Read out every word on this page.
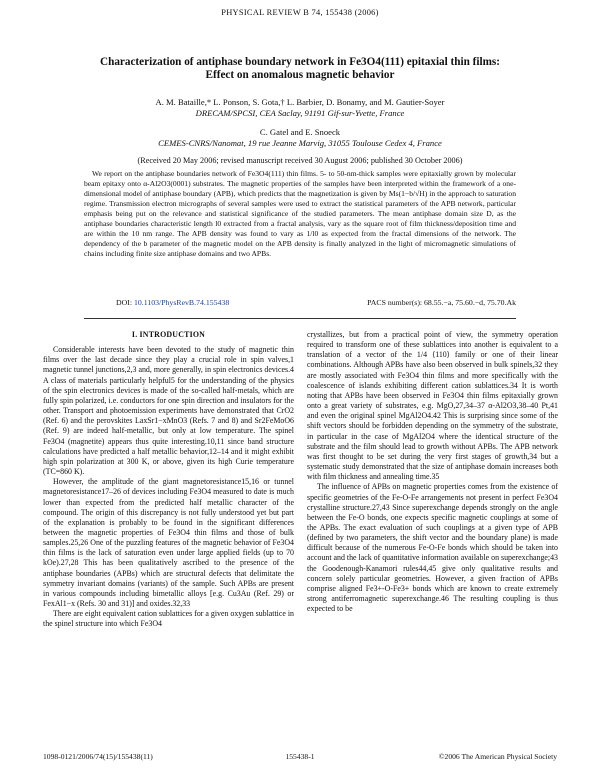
PHYSICAL REVIEW B 74, 155438 (2006)
Characterization of antiphase boundary network in Fe3O4(111) epitaxial thin films:
Effect on anomalous magnetic behavior
A. M. Bataille,* L. Ponson, S. Gota,† L. Barbier, D. Bonamy, and M. Gautier-Soyer
DRECAM/SPCSI, CEA Saclay, 91191 Gif-sur-Yvette, France
C. Gatel and E. Snoeck
CEMES-CNRS/Nanomat, 19 rue Jeanne Marvig, 31055 Toulouse Cedex 4, France
(Received 20 May 2006; revised manuscript received 30 August 2006; published 30 October 2006)

We report on the antiphase boundaries network of Fe3O4(111) thin films. 5- to 50-nm-thick samples were epitaxially grown by molecular beam epitaxy onto α-Al2O3(0001) substrates. The magnetic properties of the samples have been interpreted within the framework of a one-dimensional model of antiphase boundary (APB), which predicts that the magnetization is given by Ms(1−b/√H) in the approach to saturation regime. Transmission electron micrographs of several samples were used to extract the statistical parameters of the APB network, particular emphasis being put on the relevance and statistical significance of the studied parameters. The mean antiphase domain size D, as the antiphase boundaries characteristic length l0 extracted from a fractal analysis, vary as the square root of film thickness/deposition time and are within the 10 nm range. The APB density was found to vary as 1/l0 as expected from the fractal dimensions of the network. The dependency of the b parameter of the magnetic model on the APB density is finally analyzed in the light of micromagnetic simulations of chains including finite size antiphase domains and two APBs.

DOI: 10.1103/PhysRevB.74.155438	PACS number(s): 68.55.−a, 75.60.−d, 75.70.Ak
I. INTRODUCTION

Considerable interests have been devoted to the study of magnetic thin films over the last decade since they play a crucial role in spin valves,1 magnetic tunnel junctions,2,3 and, more generally, in spin electronics devices.4 A class of materials particularly helpful5 for the understanding of the physics of the spin electronics devices is made of the so-called half-metals, which are fully spin polarized, i.e. conductors for one spin direction and insulators for the other. Transport and photoemission experiments have demonstrated that CrO2 (Ref. 6) and the perovskites LaxSr1−xMnO3 (Refs. 7 and 8) and Sr2FeMoO6 (Ref. 9) are indeed half-metallic, but only at low temperature. The spinel Fe3O4 (magnetite) appears thus quite interesting.10,11 since band structure calculations have predicted a half metallic behavior,12–14 and it might exhibit high spin polarization at 300 K, or above, given its high Curie temperature (TC=860 K).

However, the amplitude of the giant magnetoresistance15,16 or tunnel magnetoresistance17–26 of devices including Fe3O4 measured to date is much lower than expected from the predicted half metallic character of the compound. The origin of this discrepancy is not fully understood yet but part of the explanation is probably to be found in the significant differences between the magnetic properties of Fe3O4 thin films and those of bulk samples.25,26 One of the puzzling features of the magnetic behavior of Fe3O4 thin films is the lack of saturation even under large applied fields (up to 70 kOe).27,28 This has been qualitatively ascribed to the presence of the antiphase boundaries (APBs) which are structural defects that delimitate the symmetry invariant domains (variants) of the sample. Such APBs are present in various compounds including bimetallic alloys [e.g. Cu3Au (Ref. 29) or FexAl1−x (Refs. 30 and 31)] and oxides.32,33

There are eight equivalent cation sublattices for a given oxygen sublattice in the spinel structure into which Fe3O4

crystallizes, but from a practical point of view, the symmetry operation required to transform one of these sublattices into another is equivalent to a translation of a vector of the 1/4 ⟨110⟩ family or one of their linear combinations. Although APBs have also been observed in bulk spinels,32 they are mostly associated with Fe3O4 thin films and more specifically with the coalescence of islands exhibiting different cation sublattices.34 It is worth noting that APBs have been observed in Fe3O4 thin films epitaxially grown onto a great variety of substrates, e.g. MgO,27,34–37 α-Al2O3,38–40 Pt,41 and even the original spinel MgAl2O4.42 This is surprising since some of the shift vectors should be forbidden depending on the symmetry of the substrate, in particular in the case of MgAl2O4 where the identical structure of the substrate and the film should lead to growth without APBs. The APB network was first thought to be set during the very first stages of growth,34 but a systematic study demonstrated that the size of antiphase domain increases both with film thickness and annealing time.35

The influence of APBs on magnetic properties comes from the existence of specific geometries of the Fe-O-Fe arrangements not present in perfect Fe3O4 crystalline structure.27,43 Since superexchange depends strongly on the angle between the Fe-O bonds, one expects specific magnetic couplings at some of the APBs. The exact evaluation of such couplings at a given type of APB (defined by two parameters, the shift vector and the boundary plane) is made difficult because of the numerous Fe-O-Fe bonds which should be taken into account and the lack of quantitative information available on superexchange;43 the Goodenough-Kanamori rules44,45 give only qualitative results and concern solely particular geometries. However, a given fraction of APBs comprise aligned Fe3+-O-Fe3+ bonds which are known to create extremely strong antiferromagnetic superexchange.46 The resulting coupling is thus expected to be

1098-0121/2006/74(15)/155438(11)	155438-1	©2006 The American Physical Society
